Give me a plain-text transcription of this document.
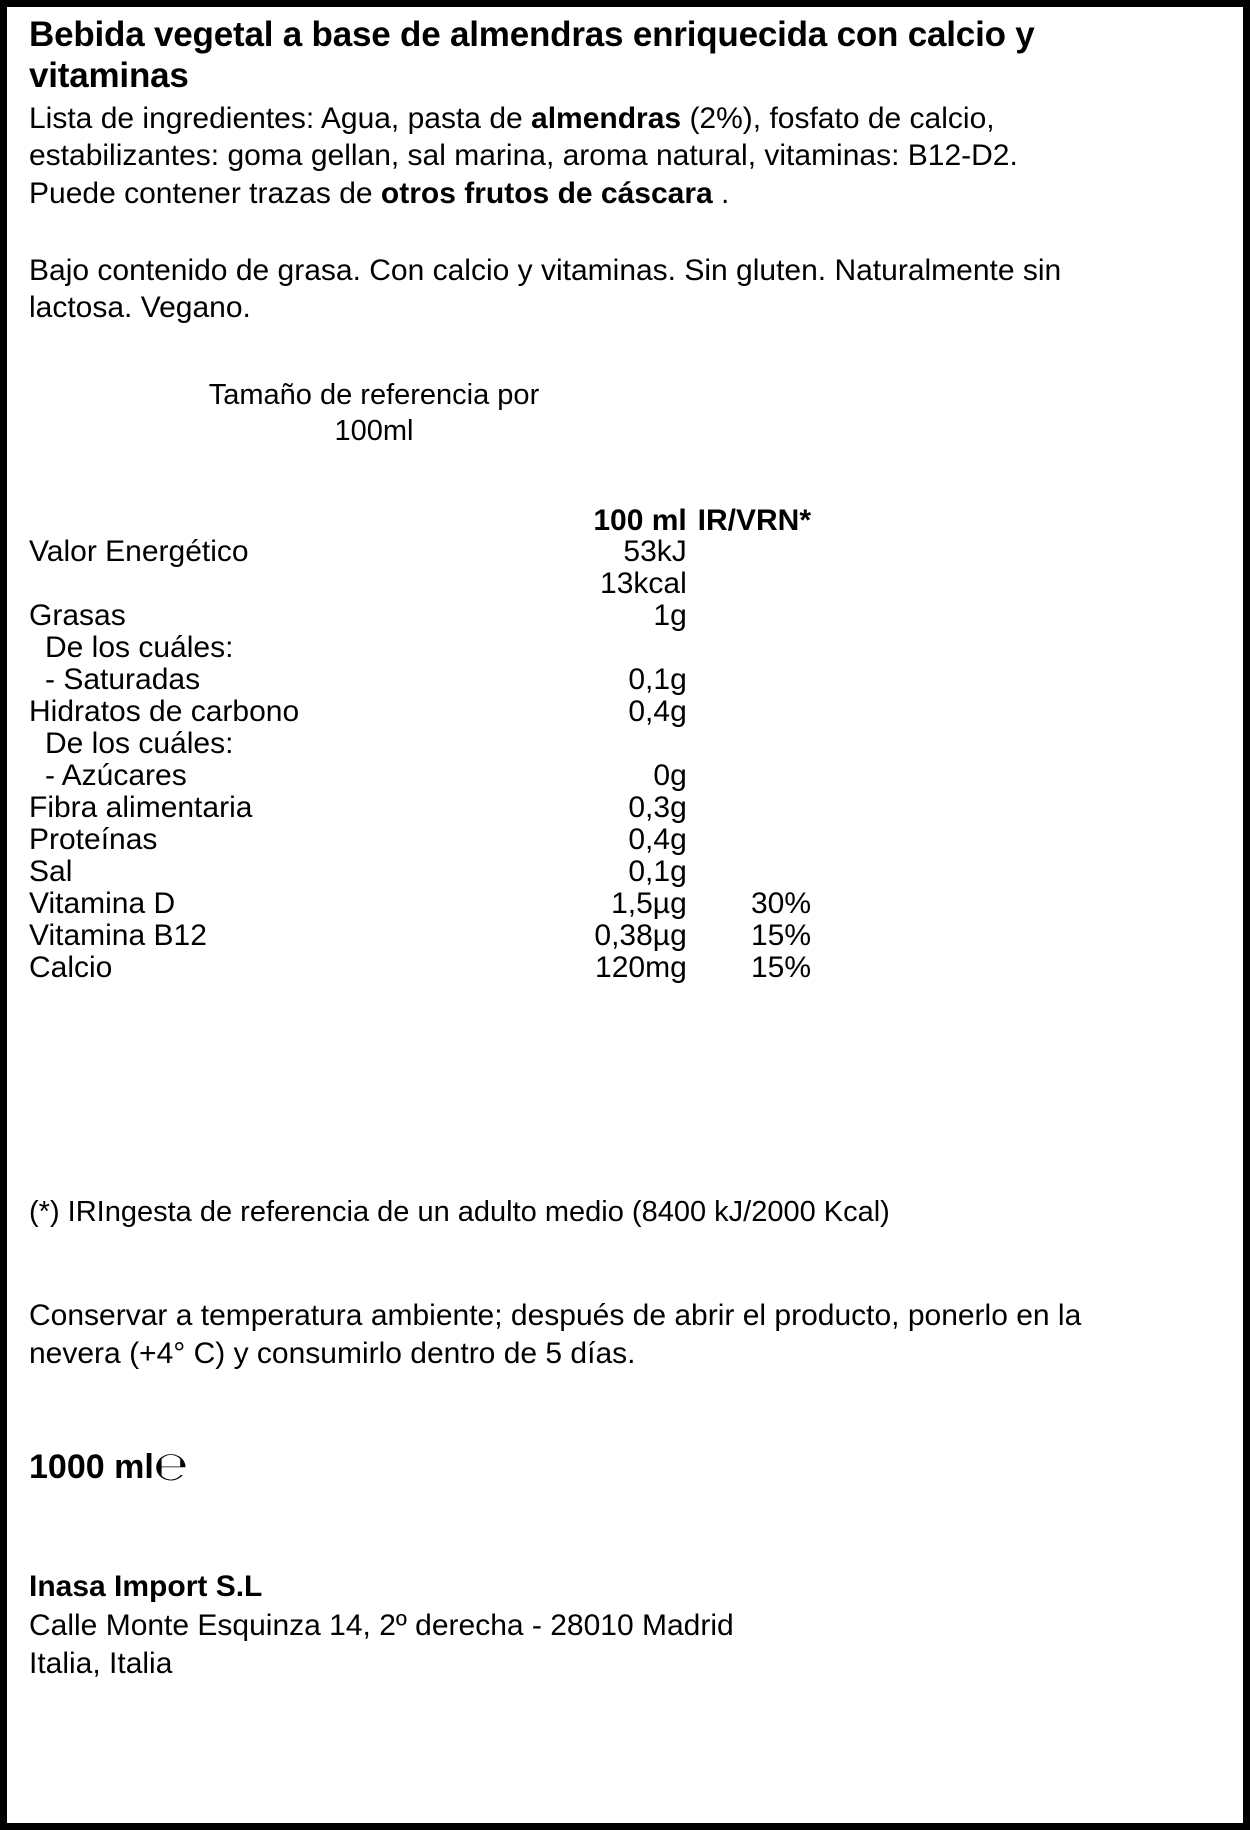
Bebida vegetal a base de almendras enriquecida con calcio y vitaminas

Lista de ingredientes: Agua, pasta de almendras (2%), fosfato de calcio, estabilizantes: goma gellan, sal marina, aroma natural, vitaminas: B12-D2. Puede contener trazas de otros frutos de cáscara .

Bajo contenido de grasa. Con calcio y vitaminas. Sin gluten. Naturalmente sin lactosa. Vegano.

Tamaño de referencia por
100ml
	100 ml	IR/VRN*
Valor Energético	53kJ	
	13kcal	
Grasas	1g	
De los cuáles:		
- Saturadas	0,1g	
Hidratos de carbono	0,4g	
De los cuáles:		
- Azúcares	0g	
Fibra alimentaria	0,3g	
Proteínas	0,4g	
Sal	0,1g	
Vitamina D	1,5µg	30%
Vitamina B12	0,38µg	15%
Calcio	120mg	15%

(*) IRIngesta de referencia de un adulto medio (8400 kJ/2000 Kcal)

Conservar a temperatura ambiente; después de abrir el producto, ponerlo en la nevera (+4° C) y consumirlo dentro de 5 días.

1000 ml℮
Inasa Import S.L
Calle Monte Esquinza 14, 2º derecha - 28010 Madrid
Italia, Italia
